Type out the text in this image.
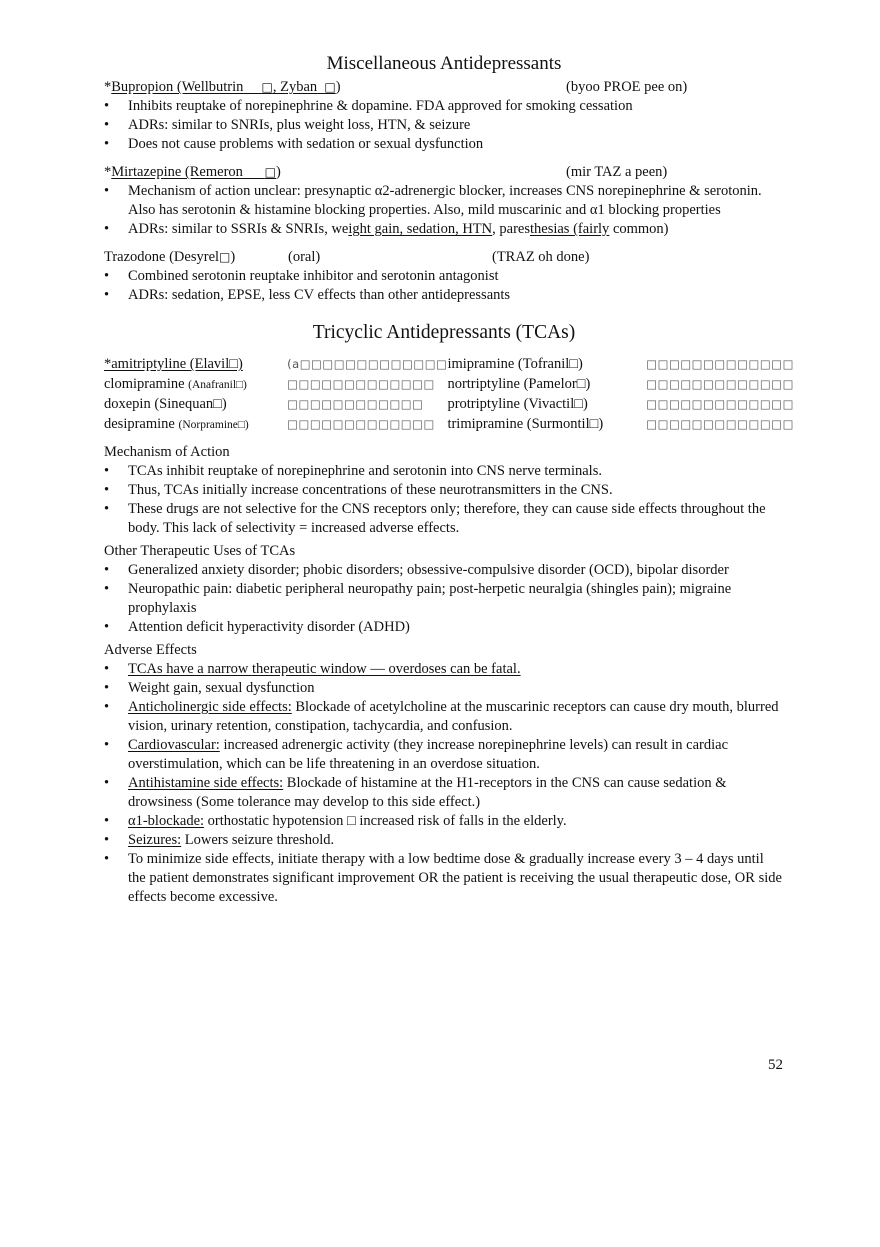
Miscellaneous Antidepressants
*Bupropion (Wellbutrin □, Zyban □)	(byoo PROE pee on)
• Inhibits reuptake of norepinephrine & dopamine. FDA approved for smoking cessation
• ADRs: similar to SNRIs, plus weight loss, HTN, & seizure
• Does not cause problems with sedation or sexual dysfunction
*Mirtazepine (Remeron □)	(mir TAZ a peen)
• Mechanism of action unclear: presynaptic α2-adrenergic blocker, increases CNS norepinephrine & serotonin. Also has serotonin & histamine blocking properties. Also, mild muscarinic and α1 blocking properties
• ADRs: similar to SSRIs & SNRIs, weight gain, sedation, HTN, paresthesias (fairly common)
Trazodone (Desyrel□)	(oral)	(TRAZ oh done)
• Combined serotonin reuptake inhibitor and serotonin antagonist
• ADRs: sedation, EPSE, less CV effects than other antidepressants
Tricyclic Antidepressants (TCAs)
*amitriptyline (Elavil□)	(a□□□□□□□□□□□□□	imipramine (Tofranil□)	□□□□□□□□□□□□□
clomipramine (Anafranil□)	□□□□□□□□□□□□□	nortriptyline (Pamelor□)	□□□□□□□□□□□□□
doxepin (Sinequan□)	□□□□□□□□□□□□	protriptyline (Vivactil□)	□□□□□□□□□□□□□
desipramine (Norpramine□)	□□□□□□□□□□□□□	trimipramine (Surmontil□)	□□□□□□□□□□□□□
Mechanism of Action
• TCAs inhibit reuptake of norepinephrine and serotonin into CNS nerve terminals.
• Thus, TCAs initially increase concentrations of these neurotransmitters in the CNS.
• These drugs are not selective for the CNS receptors only; therefore, they can cause side effects throughout the body. This lack of selectivity = increased adverse effects.
Other Therapeutic Uses of TCAs
• Generalized anxiety disorder; phobic disorders; obsessive-compulsive disorder (OCD), bipolar disorder
• Neuropathic pain: diabetic peripheral neuropathy pain; post-herpetic neuralgia (shingles pain); migraine prophylaxis
• Attention deficit hyperactivity disorder (ADHD)
Adverse Effects
• TCAs have a narrow therapeutic window — overdoses can be fatal.
• Weight gain, sexual dysfunction
• Anticholinergic side effects: Blockade of acetylcholine at the muscarinic receptors can cause dry mouth, blurred vision, urinary retention, constipation, tachycardia, and confusion.
• Cardiovascular: increased adrenergic activity (they increase norepinephrine levels) can result in cardiac overstimulation, which can be life threatening in an overdose situation.
• Antihistamine side effects: Blockade of histamine at the H1-receptors in the CNS can cause sedation & drowsiness (Some tolerance may develop to this side effect.)
• α1-blockade: orthostatic hypotension □ increased risk of falls in the elderly.
• Seizures: Lowers seizure threshold.
• To minimize side effects, initiate therapy with a low bedtime dose & gradually increase every 3 – 4 days until the patient demonstrates significant improvement OR the patient is receiving the usual therapeutic dose, OR side effects become excessive.
52
